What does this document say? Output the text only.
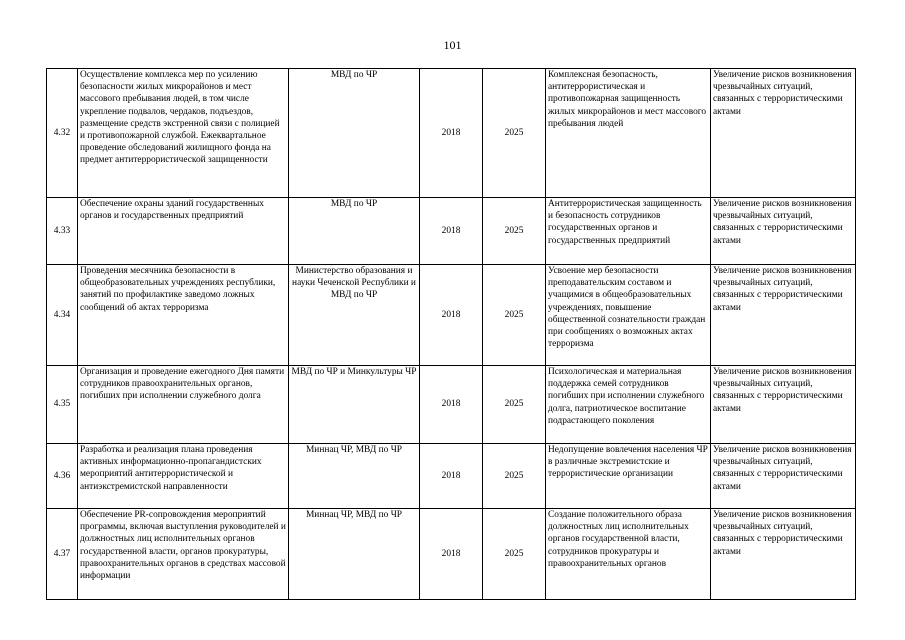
101
4.32	Осуществление комплекса мер по усилению безопасности жилых микрорайонов и мест массового пребывания людей, в том числе укрепление подвалов, чердаков, подъездов, размещение средств экстренной связи с полицией и противопожарной службой. Ежеквартальное проведение обследований жилищного фонда на предмет антитеррористической защищенности	МВД по ЧР	2018	2025	Комплексная безопасность, антитеррористическая и противопожарная защищенность жилых микрорайонов и мест массового пребывания людей	Увеличение рисков возникновения чрезвычайных ситуаций, связанных с террористическими актами
4.33	Обеспечение охраны зданий государственных органов и государственных предприятий	МВД по ЧР	2018	2025	Антитеррористическая защищенность и безопасность сотрудников государственных органов и государственных предприятий	Увеличение рисков возникновения чрезвычайных ситуаций, связанных с террористическими актами
4.34	Проведения месячника безопасности в общеобразовательных учреждениях республики, занятий по профилактике заведомо ложных сообщений об актах терроризма	Министерство образования и науки Чеченской Республики и МВД по ЧР	2018	2025	Усвоение мер безопасности преподавательским составом и учащимися в общеобразовательных учреждениях, повышение общественной сознательности граждан при сообщениях о возможных актах терроризма	Увеличение рисков возникновения чрезвычайных ситуаций, связанных с террористическими актами
4.35	Организация и проведение ежегодного Дня памяти сотрудников правоохранительных органов, погибших при исполнении служебного долга	МВД по ЧР и Минкультуры ЧР	2018	2025	Психологическая и материальная поддержка семей сотрудников погибших при исполнении служебного долга, патриотическое воспитание подрастающего поколения	Увеличение рисков возникновения чрезвычайных ситуаций, связанных с террористическими актами
4.36	Разработка и реализация плана проведения активных информационно-пропагандистских мероприятий антитеррористической и антиэкстремистской направленности	Миннац ЧР, МВД по ЧР	2018	2025	Недопущение вовлечения населения ЧР в различные экстремистские и террористические организации	Увеличение рисков возникновения чрезвычайных ситуаций, связанных с террористическими актами
4.37	Обеспечение PR-сопровождения мероприятий программы, включая выступления руководителей и должностных лиц исполнительных органов государственной власти, органов прокуратуры, правоохранительных органов в средствах массовой информации	Миннац ЧР, МВД по ЧР	2018	2025	Создание положительного образа должностных лиц исполнительных органов государственной власти, сотрудников прокуратуры и правоохранительных органов	Увеличение рисков возникновения чрезвычайных ситуаций, связанных с террористическими актами
